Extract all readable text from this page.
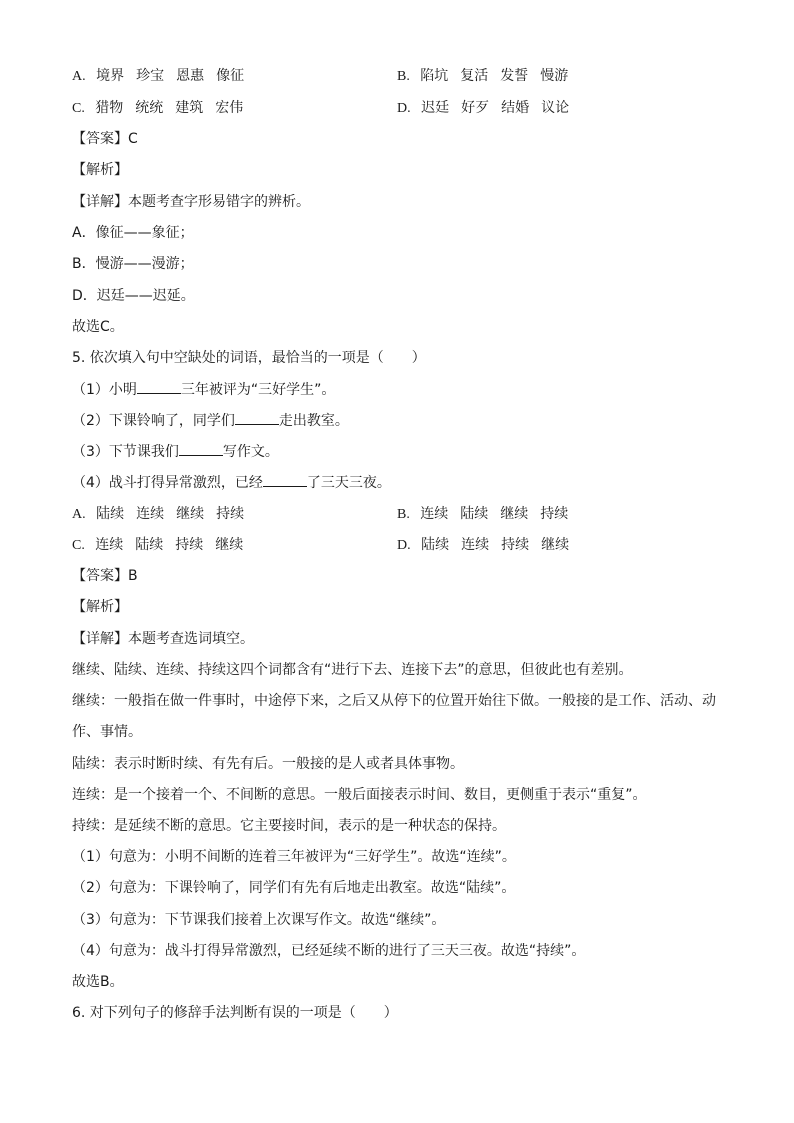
A. 境界 珍宝 恩惠 像征	B. 陷坑 复活 发誓 慢游
C. 猎物 统统 建筑 宏伟	D. 迟廷 好歹 结婚 议论
【答案】C
【解析】
【详解】本题考查字形易错字的辨析。
A．像征——象征；
B．慢游——漫游；
D．迟廷——迟延。
故选C。
5. 依次填入句中空缺处的词语，最恰当的一项是（　　）
（1）小明	三年被评为“三好学生”。
（2）下课铃响了，同学们	走出教室。
（3）下节课我们	写作文。
（4）战斗打得异常激烈，已经	了三天三夜。
A. 陆续 连续 继续 持续	B. 连续 陆续 继续 持续
C. 连续 陆续 持续 继续	D. 陆续 连续 持续 继续
【答案】B
【解析】
【详解】本题考查选词填空。
继续、陆续、连续、持续这四个词都含有“进行下去、连接下去”的意思，但彼此也有差别。
继续：一般指在做一件事时，中途停下来，之后又从停下的位置开始往下做。一般接的是工作、活动、动
作、事情。
陆续：表示时断时续、有先有后。一般接的是人或者具体事物。
连续：是一个接着一个、不间断的意思。一般后面接表示时间、数目，更侧重于表示“重复”。
持续：是延续不断的意思。它主要接时间，表示的是一种状态的保持。
（1）句意为：小明不间断的连着三年被评为“三好学生”。故选“连续”。
（2）句意为：下课铃响了，同学们有先有后地走出教室。故选“陆续”。
（3）句意为：下节课我们接着上次课写作文。故选“继续”。
（4）句意为：战斗打得异常激烈，已经延续不断的进行了三天三夜。故选“持续”。
故选B。
6. 对下列句子的修辞手法判断有误的一项是（　　）
